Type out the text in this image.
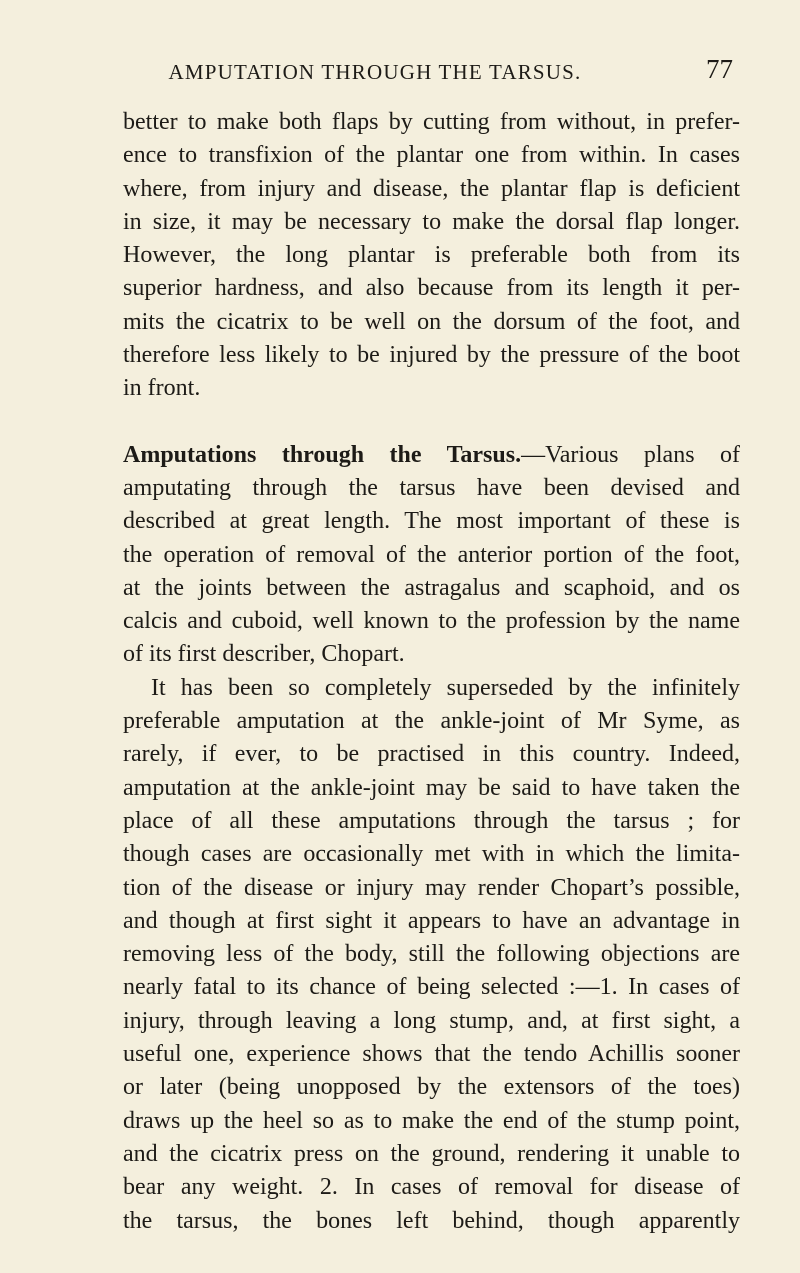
AMPUTATION THROUGH THE TARSUS.	77
better to make both flaps by cutting from without, in prefer-
ence to transfixion of the plantar one from within. In cases
where, from injury and disease, the plantar flap is deficient
in size, it may be necessary to make the dorsal flap longer.
However, the long plantar is preferable both from its
superior hardness, and also because from its length it per-
mits the cicatrix to be well on the dorsum of the foot, and
therefore less likely to be injured by the pressure of the boot
in front.
Amputations through the Tarsus.—Various plans of
amputating through the tarsus have been devised and
described at great length. The most important of these is
the operation of removal of the anterior portion of the foot,
at the joints between the astragalus and scaphoid, and os
calcis and cuboid, well known to the profession by the name
of its first describer, Chopart.
It has been so completely superseded by the infinitely
preferable amputation at the ankle-joint of Mr Syme, as
rarely, if ever, to be practised in this country. Indeed,
amputation at the ankle-joint may be said to have taken the
place of all these amputations through the tarsus ; for
though cases are occasionally met with in which the limita-
tion of the disease or injury may render Chopart’s possible,
and though at first sight it appears to have an advantage in
removing less of the body, still the following objections are
nearly fatal to its chance of being selected :—1. In cases of
injury, through leaving a long stump, and, at first sight, a
useful one, experience shows that the tendo Achillis sooner
or later (being unopposed by the extensors of the toes)
draws up the heel so as to make the end of the stump point,
and the cicatrix press on the ground, rendering it unable to
bear any weight. 2. In cases of removal for disease of
the tarsus, the bones left behind, though apparently
